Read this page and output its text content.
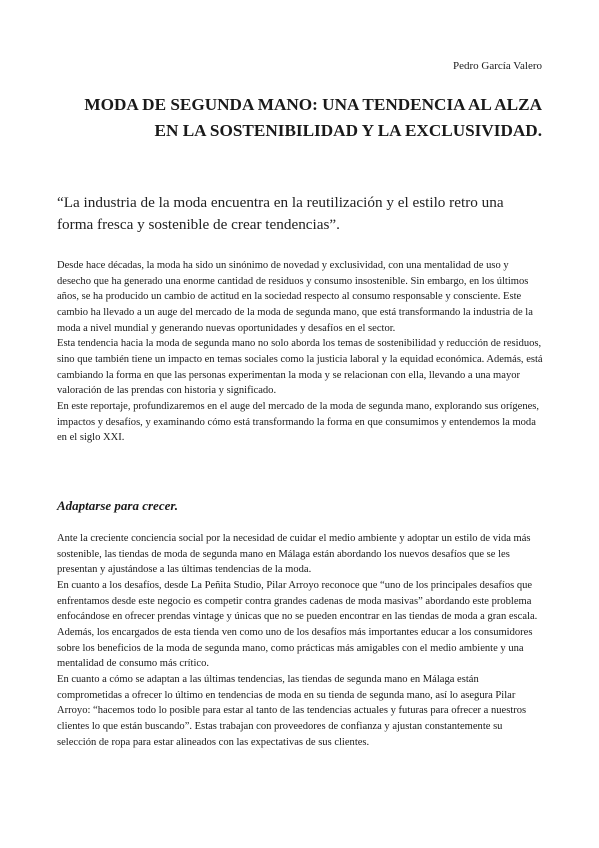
Pedro García Valero
MODA DE SEGUNDA MANO: UNA TENDENCIA AL ALZA EN LA SOSTENIBILIDAD Y LA EXCLUSIVIDAD.

“La industria de la moda encuentra en la reutilización y el estilo retro una forma fresca y sostenible de crear tendencias”.

Desde hace décadas, la moda ha sido un sinónimo de novedad y exclusividad, con una mentalidad de uso y desecho que ha generado una enorme cantidad de residuos y consumo insostenible. Sin embargo, en los últimos años, se ha producido un cambio de actitud en la sociedad respecto al consumo responsable y consciente. Este cambio ha llevado a un auge del mercado de la moda de segunda mano, que está transformando la industria de la moda a nivel mundial y generando nuevas oportunidades y desafíos en el sector.

Esta tendencia hacia la moda de segunda mano no solo aborda los temas de sostenibilidad y reducción de residuos, sino que también tiene un impacto en temas sociales como la justicia laboral y la equidad económica. Además, está cambiando la forma en que las personas experimentan la moda y se relacionan con ella, llevando a una mayor valoración de las prendas con historia y significado.

En este reportaje, profundizaremos en el auge del mercado de la moda de segunda mano, explorando sus orígenes, impactos y desafíos, y examinando cómo está transformando la forma en que consumimos y entendemos la moda en el siglo XXI.

Adaptarse para crecer.

Ante la creciente conciencia social por la necesidad de cuidar el medio ambiente y adoptar un estilo de vida más sostenible, las tiendas de moda de segunda mano en Málaga están abordando los nuevos desafíos que se les presentan y ajustándose a las últimas tendencias de la moda.

En cuanto a los desafíos, desde La Peñita Studio, Pilar Arroyo reconoce que “uno de los principales desafíos que enfrentamos desde este negocio es competir contra grandes cadenas de moda masivas” abordando este problema enfocándose en ofrecer prendas vintage y únicas que no se pueden encontrar en las tiendas de moda a gran escala. Además, los encargados de esta tienda ven como uno de los desafíos más importantes educar a los consumidores sobre los beneficios de la moda de segunda mano, como prácticas más amigables con el medio ambiente y una mentalidad de consumo más crítico.

En cuanto a cómo se adaptan a las últimas tendencias, las tiendas de segunda mano en Málaga están comprometidas a ofrecer lo último en tendencias de moda en su tienda de segunda mano, así lo asegura Pilar Arroyo: “hacemos todo lo posible para estar al tanto de las tendencias actuales y futuras para ofrecer a nuestros clientes lo que están buscando”. Estas trabajan con proveedores de confianza y ajustan constantemente su selección de ropa para estar alineados con las expectativas de sus clientes.
